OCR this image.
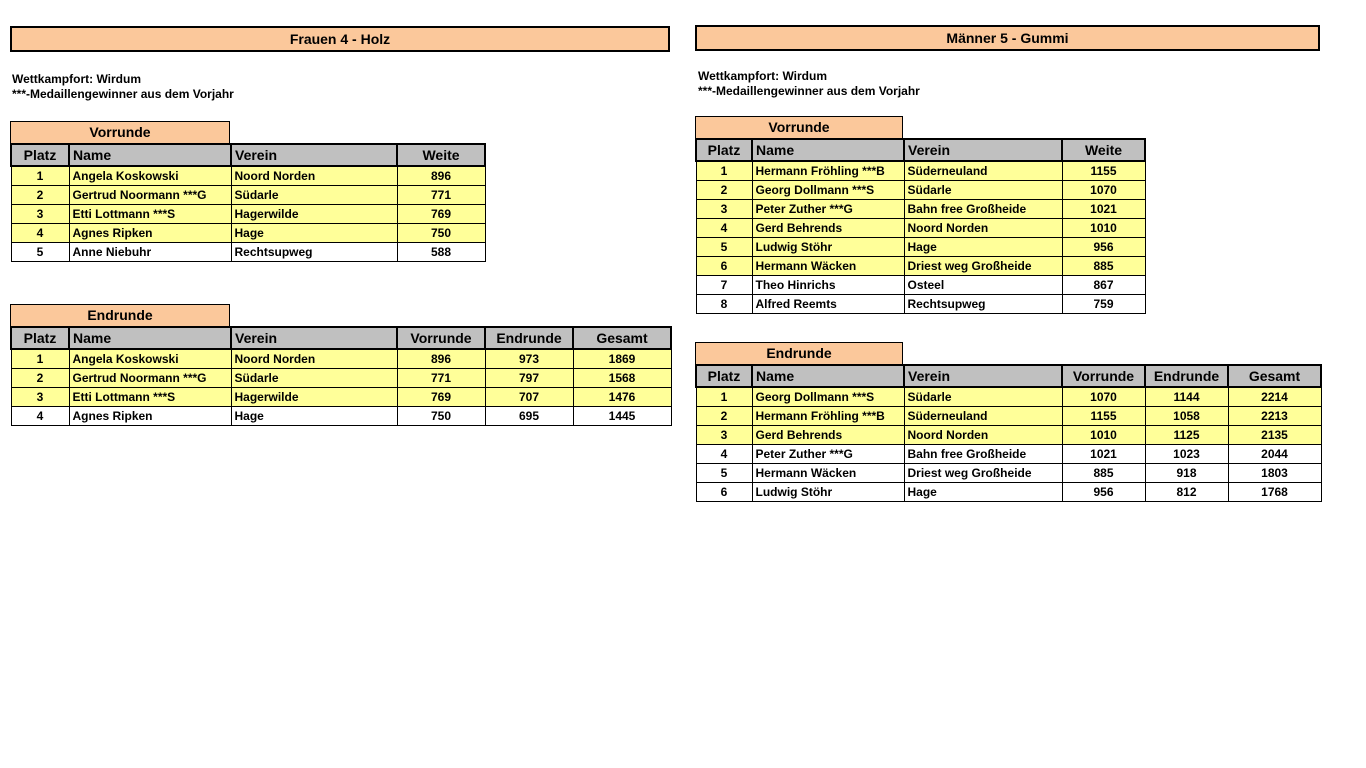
Frauen 4 - Holz
Wettkampfort: Wirdum
***-Medaillengewinner aus dem Vorjahr
Vorrunde
Platz	Name	Verein	Weite
1	Angela Koskowski	Noord Norden	896
2	Gertrud Noormann ***G	Südarle	771
3	Etti Lottmann ***S	Hagerwilde	769
4	Agnes Ripken	Hage	750
5	Anne Niebuhr	Rechtsupweg	588
Endrunde
Platz	Name	Verein	Vorrunde	Endrunde	Gesamt
1	Angela Koskowski	Noord Norden	896	973	1869
2	Gertrud Noormann ***G	Südarle	771	797	1568
3	Etti Lottmann ***S	Hagerwilde	769	707	1476
4	Agnes Ripken	Hage	750	695	1445
Männer 5 - Gummi
Wettkampfort: Wirdum
***-Medaillengewinner aus dem Vorjahr
Vorrunde
Platz	Name	Verein	Weite
1	Hermann Fröhling ***B	Süderneuland	1155
2	Georg Dollmann ***S	Südarle	1070
3	Peter Zuther ***G	Bahn free Großheide	1021
4	Gerd Behrends	Noord Norden	1010
5	Ludwig Stöhr	Hage	956
6	Hermann Wäcken	Driest weg Großheide	885
7	Theo Hinrichs	Osteel	867
8	Alfred Reemts	Rechtsupweg	759
Endrunde
Platz	Name	Verein	Vorrunde	Endrunde	Gesamt
1	Georg Dollmann ***S	Südarle	1070	1144	2214
2	Hermann Fröhling ***B	Süderneuland	1155	1058	2213
3	Gerd Behrends	Noord Norden	1010	1125	2135
4	Peter Zuther ***G	Bahn free Großheide	1021	1023	2044
5	Hermann Wäcken	Driest weg Großheide	885	918	1803
6	Ludwig Stöhr	Hage	956	812	1768
